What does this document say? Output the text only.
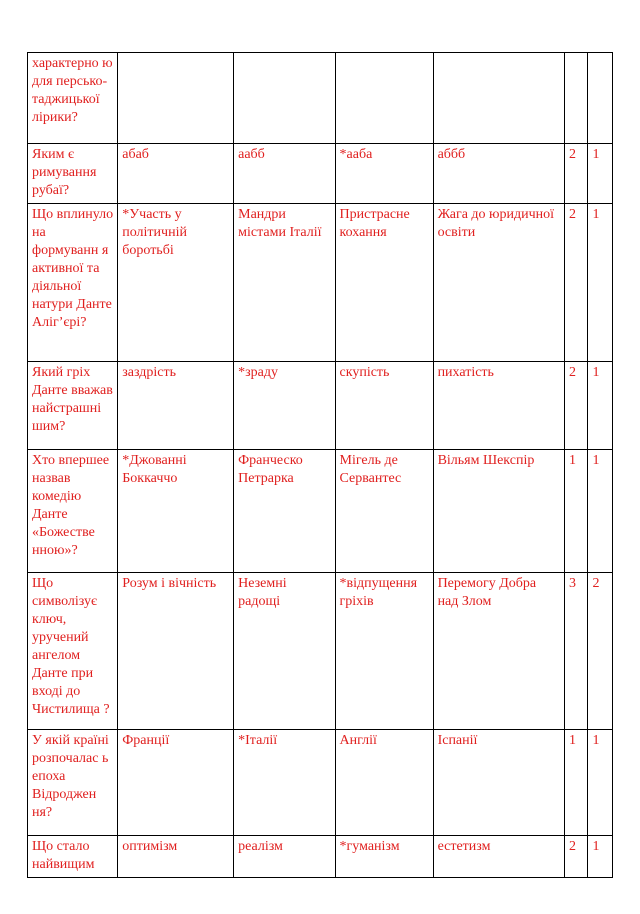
характерно ю для персько-таджицької лірики?						
Яким є римування рубаї?	абаб	аабб	*ааба	аббб	2	1
Що вплинуло на формуванн я активної та діяльної натури Данте Аліг’єрі?	*Участь у політичній боротьбі	Мандри містами Італії	Пристрасне кохання	Жага до юридичної освіти	2	1
Який гріх Данте вважав найстрашні шим?	заздрість	*зраду	скупість	пихатість	2	1
Хто впершее назвав комедію Данте «Божестве нною»?	*Джованні Боккаччо	Франческо Петрарка	Мігель де Сервантес	Вільям Шекспір	1	1
Що символізує ключ, уручений ангелом Данте при вході до Чистилища ?	Розум і вічність	Неземні радощі	*відпущення гріхів	Перемогу Добра над Злом	3	2
У якій країні розпочалас ь епоха Відроджен ня?	Франції	*Італії	Англії	Іспанії	1	1
Що стало найвищим	оптимізм	реалізм	*гуманізм	естетизм	2	1
